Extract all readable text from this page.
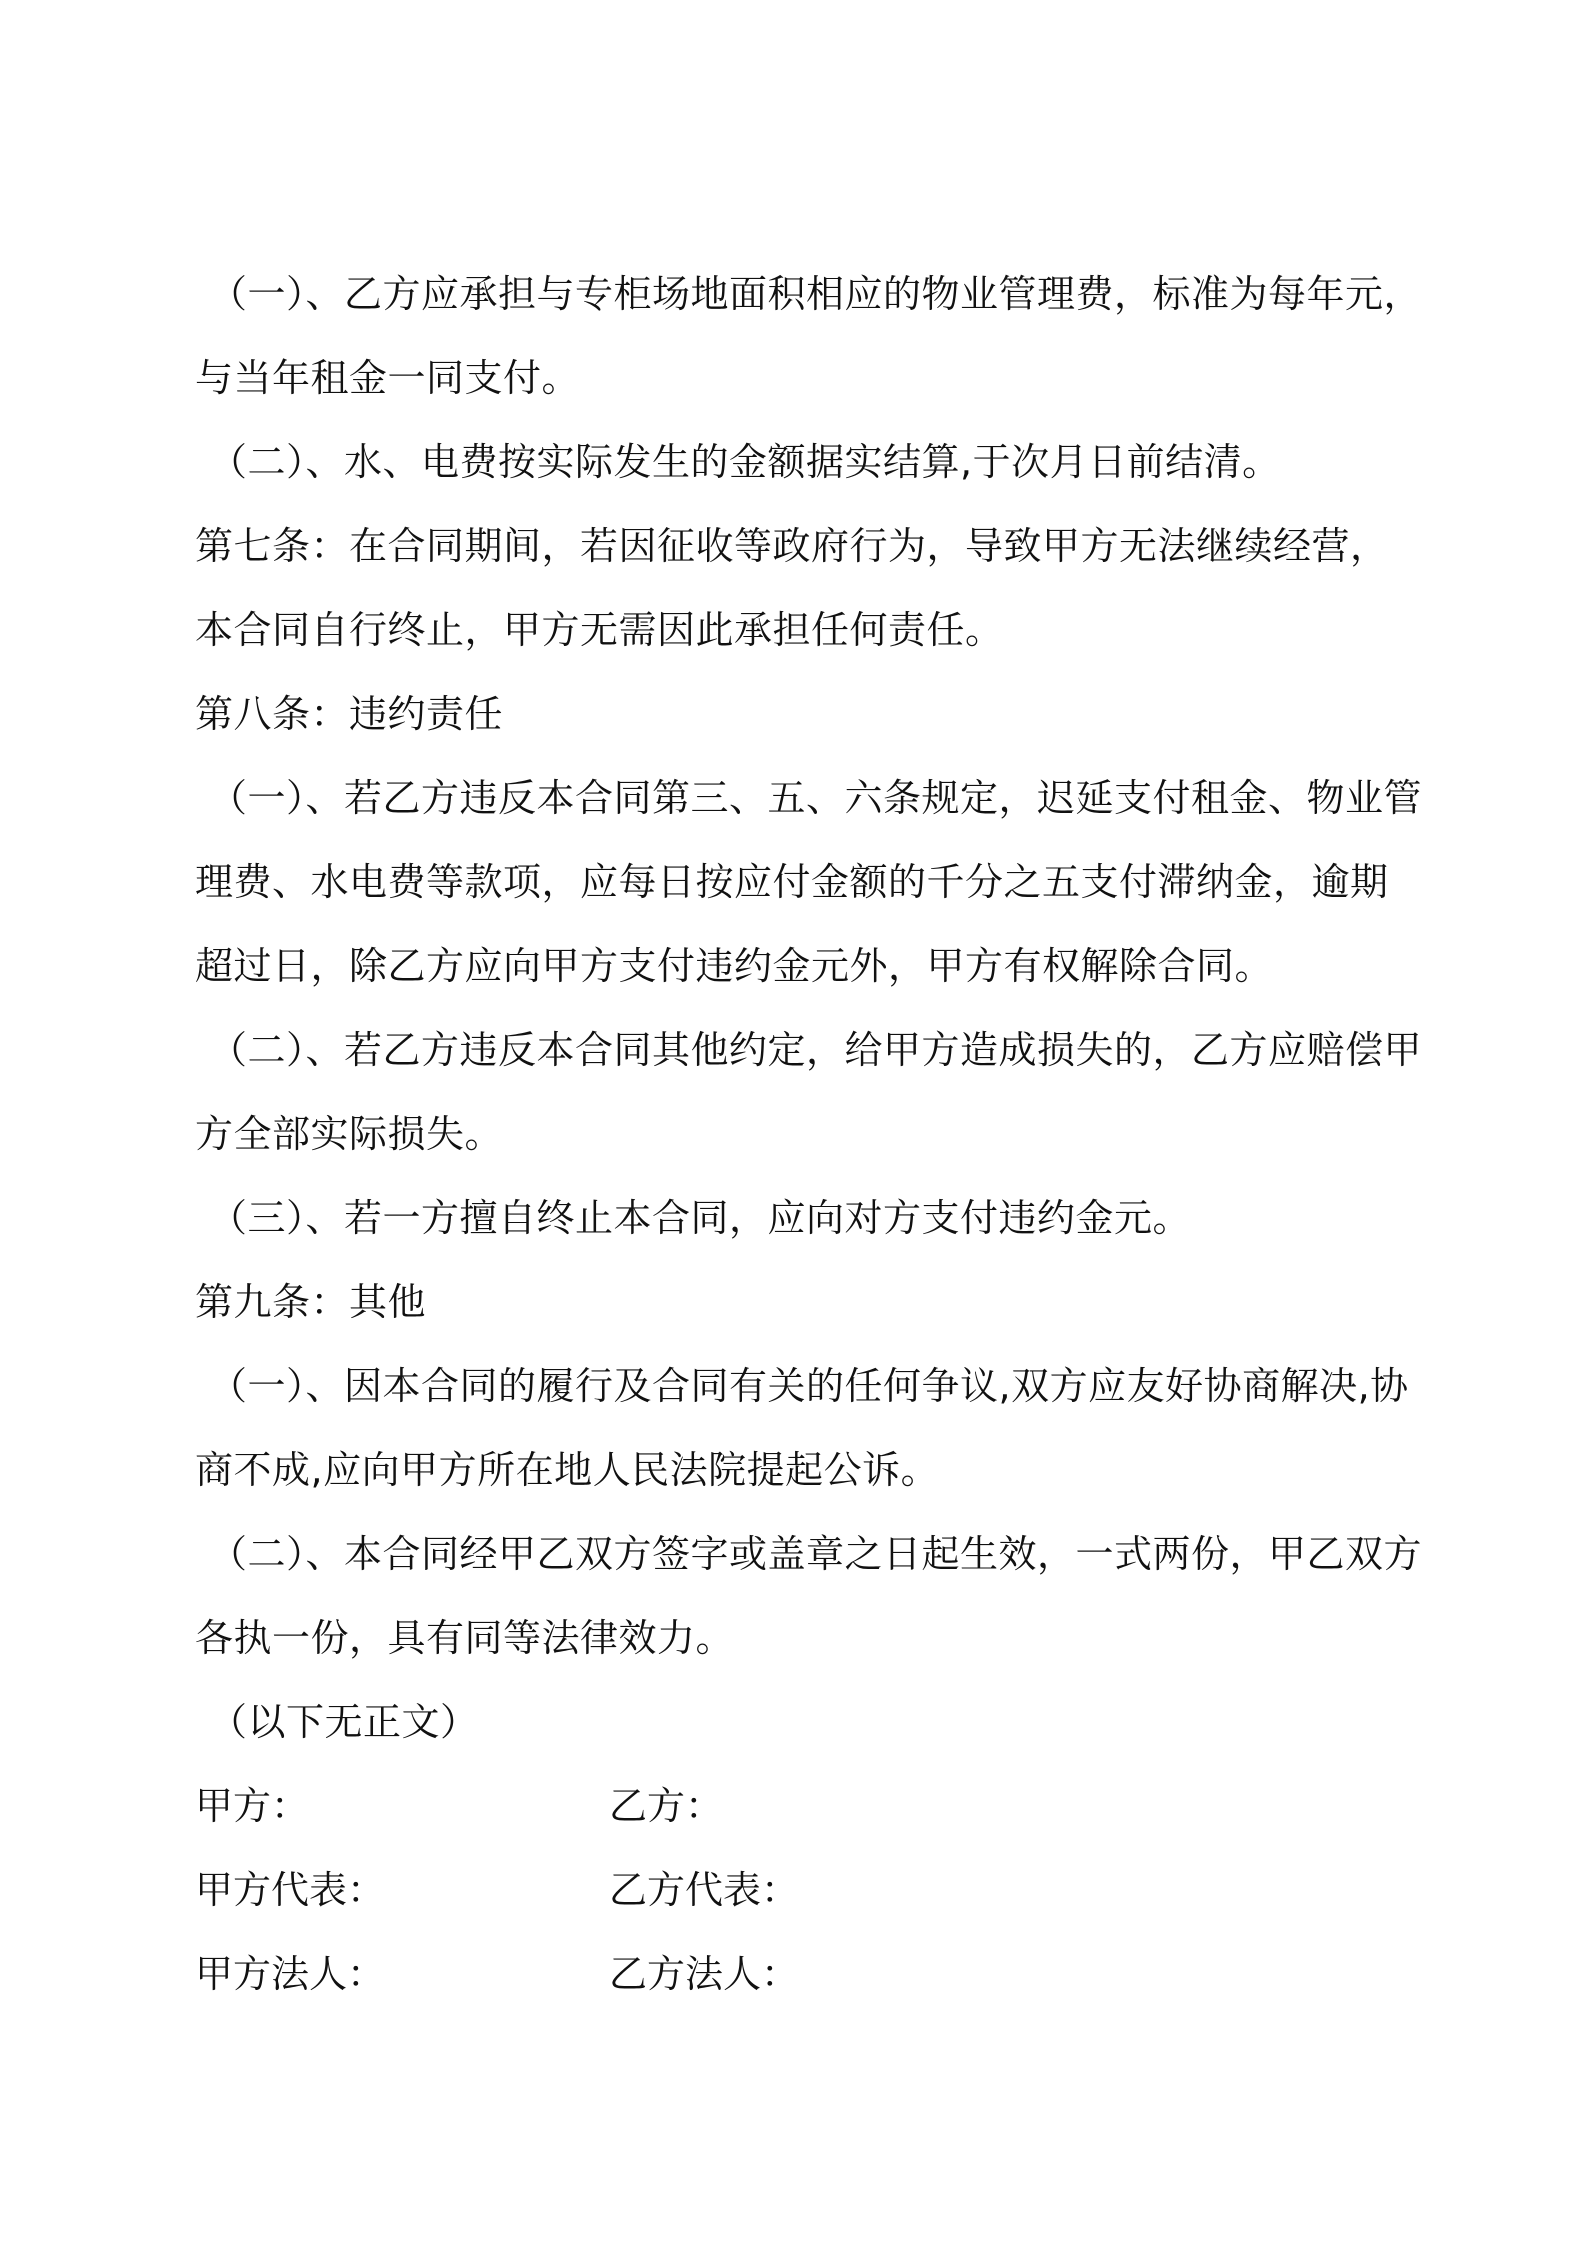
（一）、乙方应承担与专柜场地面积相应的物业管理费，标准为每年元，
与当年租金一同支付。
（二）、水、电费按实际发生的金额据实结算,于次月日前结清。
第七条：在合同期间，若因征收等政府行为，导致甲方无法继续经营，
本合同自行终止，甲方无需因此承担任何责任。
第八条：违约责任
（一）、若乙方违反本合同第三、五、六条规定，迟延支付租金、物业管
理费、水电费等款项，应每日按应付金额的千分之五支付滞纳金，逾期
超过日，除乙方应向甲方支付违约金元外，甲方有权解除合同。
（二）、若乙方违反本合同其他约定，给甲方造成损失的，乙方应赔偿甲
方全部实际损失。
（三）、若一方擅自终止本合同，应向对方支付违约金元。
第九条：其他
（一）、因本合同的履行及合同有关的任何争议,双方应友好协商解决,协
商不成,应向甲方所在地人民法院提起公诉。
（二）、本合同经甲乙双方签字或盖章之日起生效，一式两份，甲乙双方
各执一份，具有同等法律效力。
（以下无正文）
甲方：	乙方：
甲方代表：	乙方代表：
甲方法人：	乙方法人：
